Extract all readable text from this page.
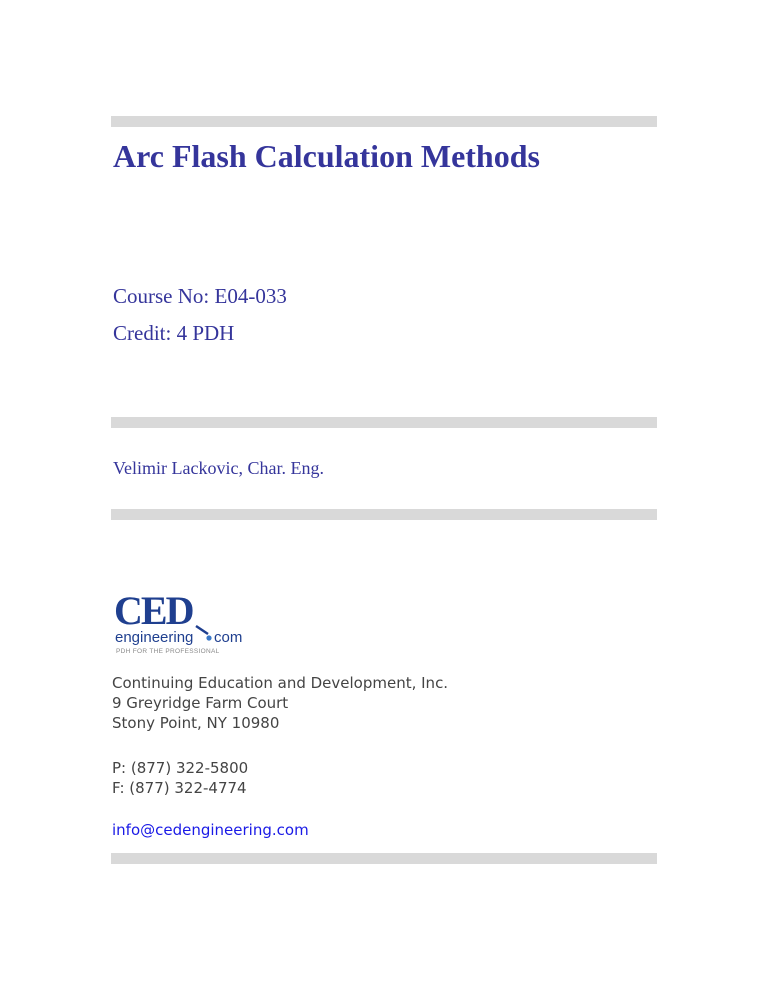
Arc Flash Calculation Methods

Course No: E04-033

Credit: 4 PDH

Velimir Lackovic, Char. Eng.

CED
engineering com
PDH FOR THE PROFESSIONAL

Continuing Education and Development, Inc.

9 Greyridge Farm Court

Stony Point, NY 10980

P: (877) 322-5800

F: (877) 322-4774

info@cedengineering.com
